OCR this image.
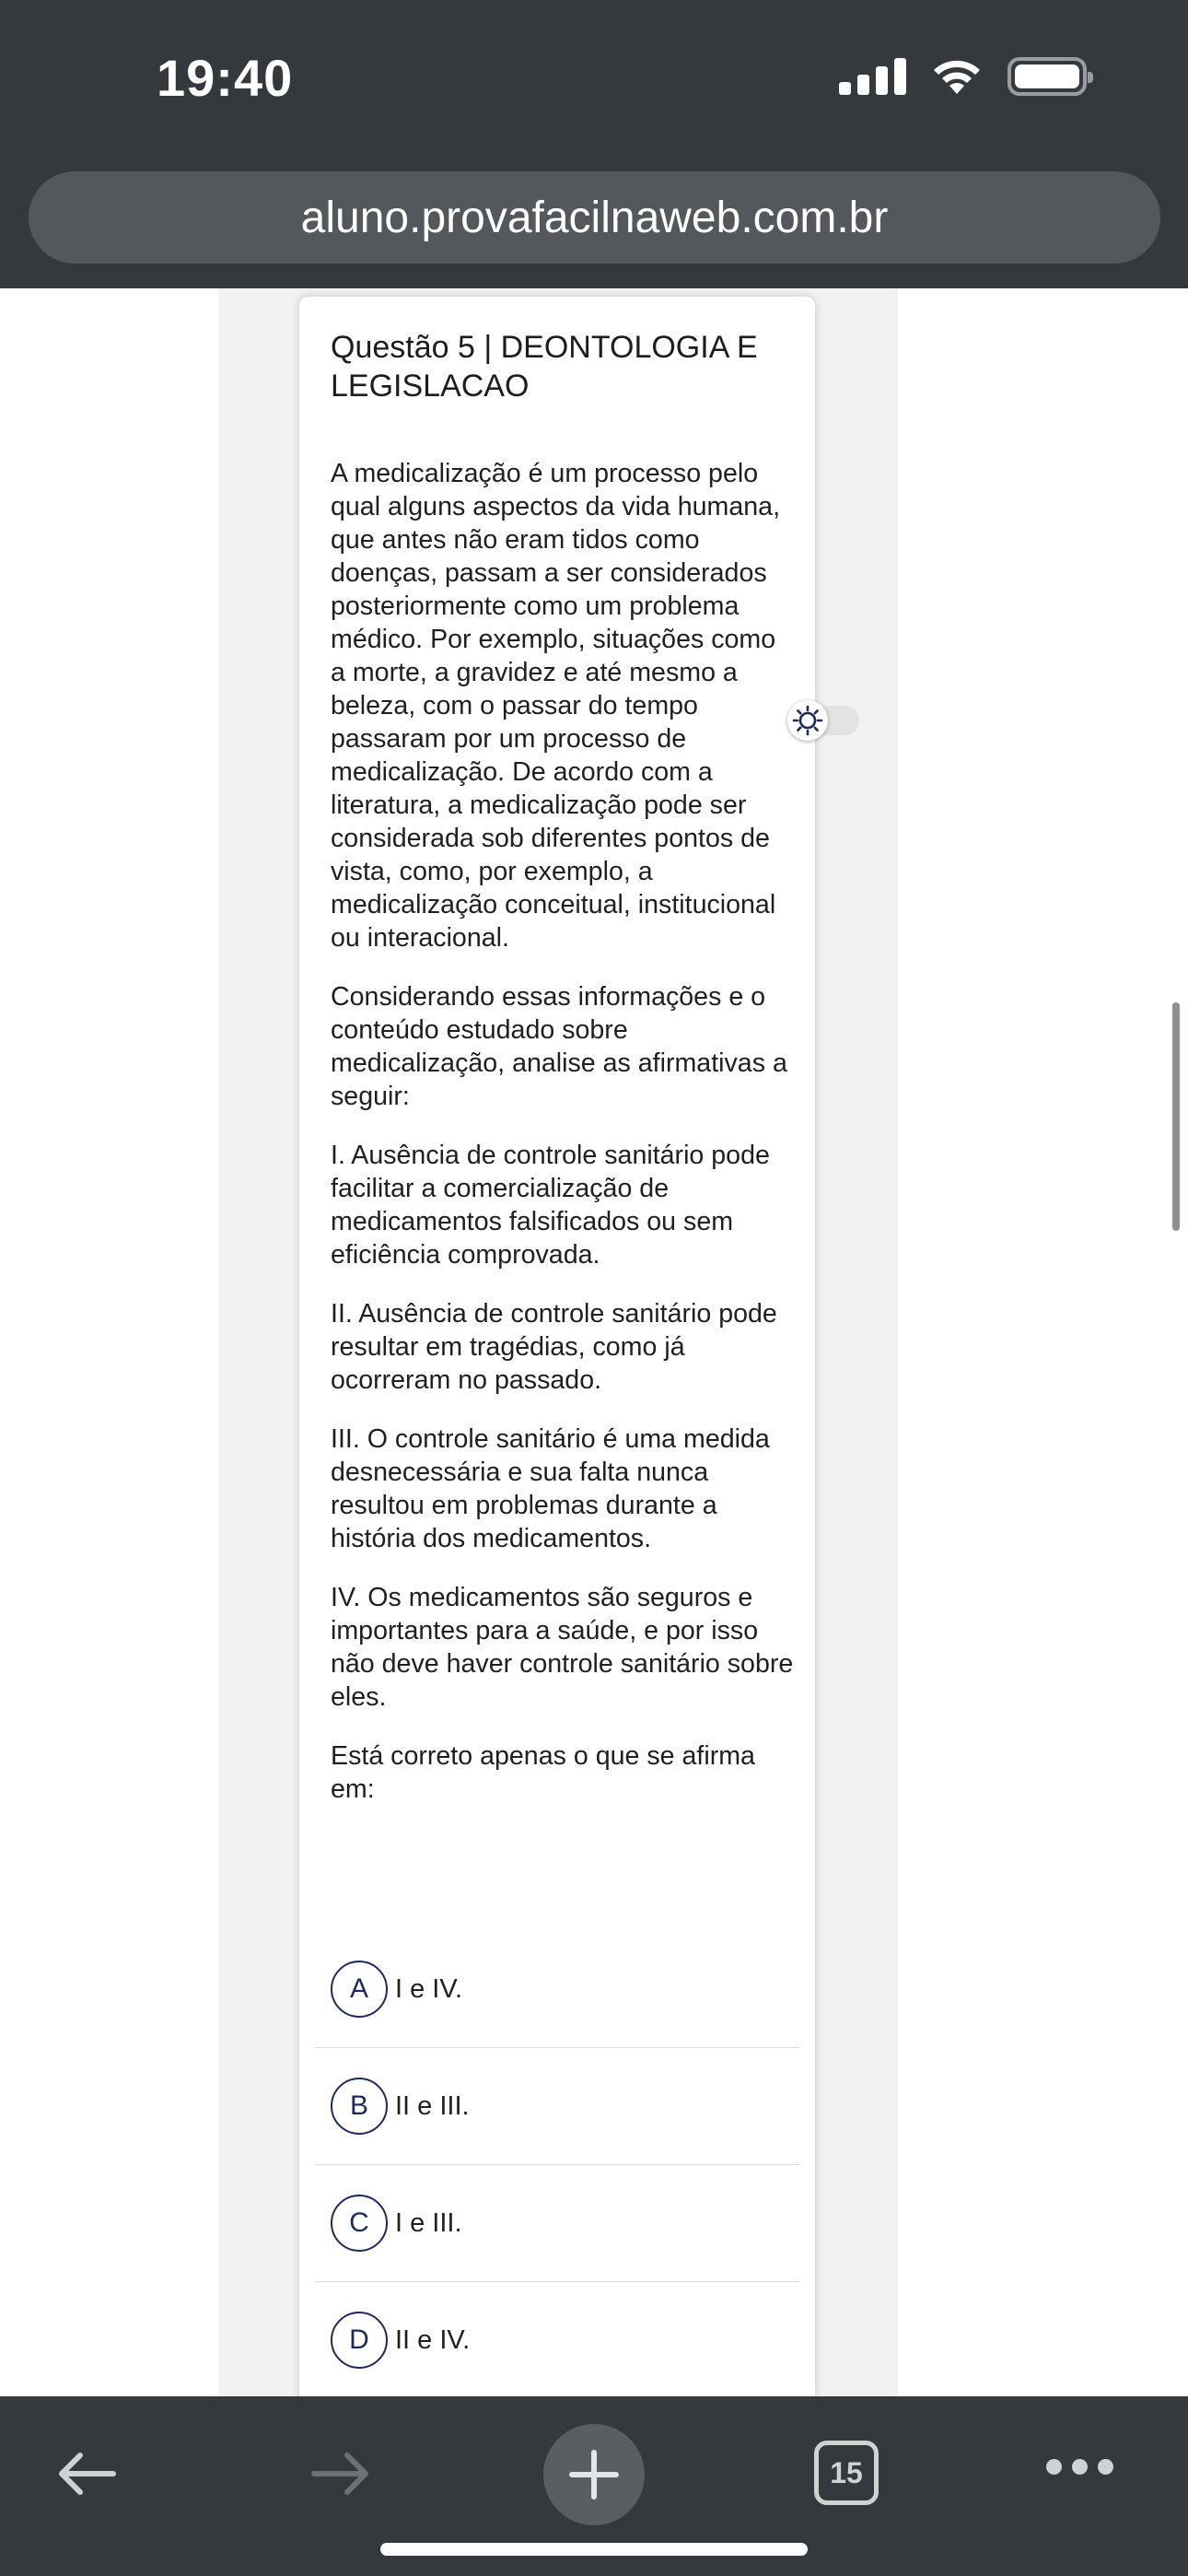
19:40
aluno.provafacilnaweb.com.br
Questão 5 | DEONTOLOGIA E LEGISLACAO

A medicalização é um processo pelo qual alguns aspectos da vida humana, que antes não eram tidos como doenças, passam a ser considerados posteriormente como um problema médico. Por exemplo, situações como a morte, a gravidez e até mesmo a beleza, com o passar do tempo passaram por um processo de medicalização. De acordo com a literatura, a medicalização pode ser considerada sob diferentes pontos de vista, como, por exemplo, a medicalização conceitual, institucional ou interacional.

Considerando essas informações e o conteúdo estudado sobre medicalização, analise as afirmativas a seguir:

I. Ausência de controle sanitário pode facilitar a comercialização de medicamentos falsificados ou sem eficiência comprovada.

II. Ausência de controle sanitário pode resultar em tragédias, como já ocorreram no passado.

III. O controle sanitário é uma medida desnecessária e sua falta nunca resultou em problemas durante a história dos medicamentos.

IV. Os medicamentos são seguros e importantes para a saúde, e por isso não deve haver controle sanitário sobre eles.

Está correto apenas o que se afirma em:

A	I e IV.
B	II e III.
C I e III.
D II e IV.
15
